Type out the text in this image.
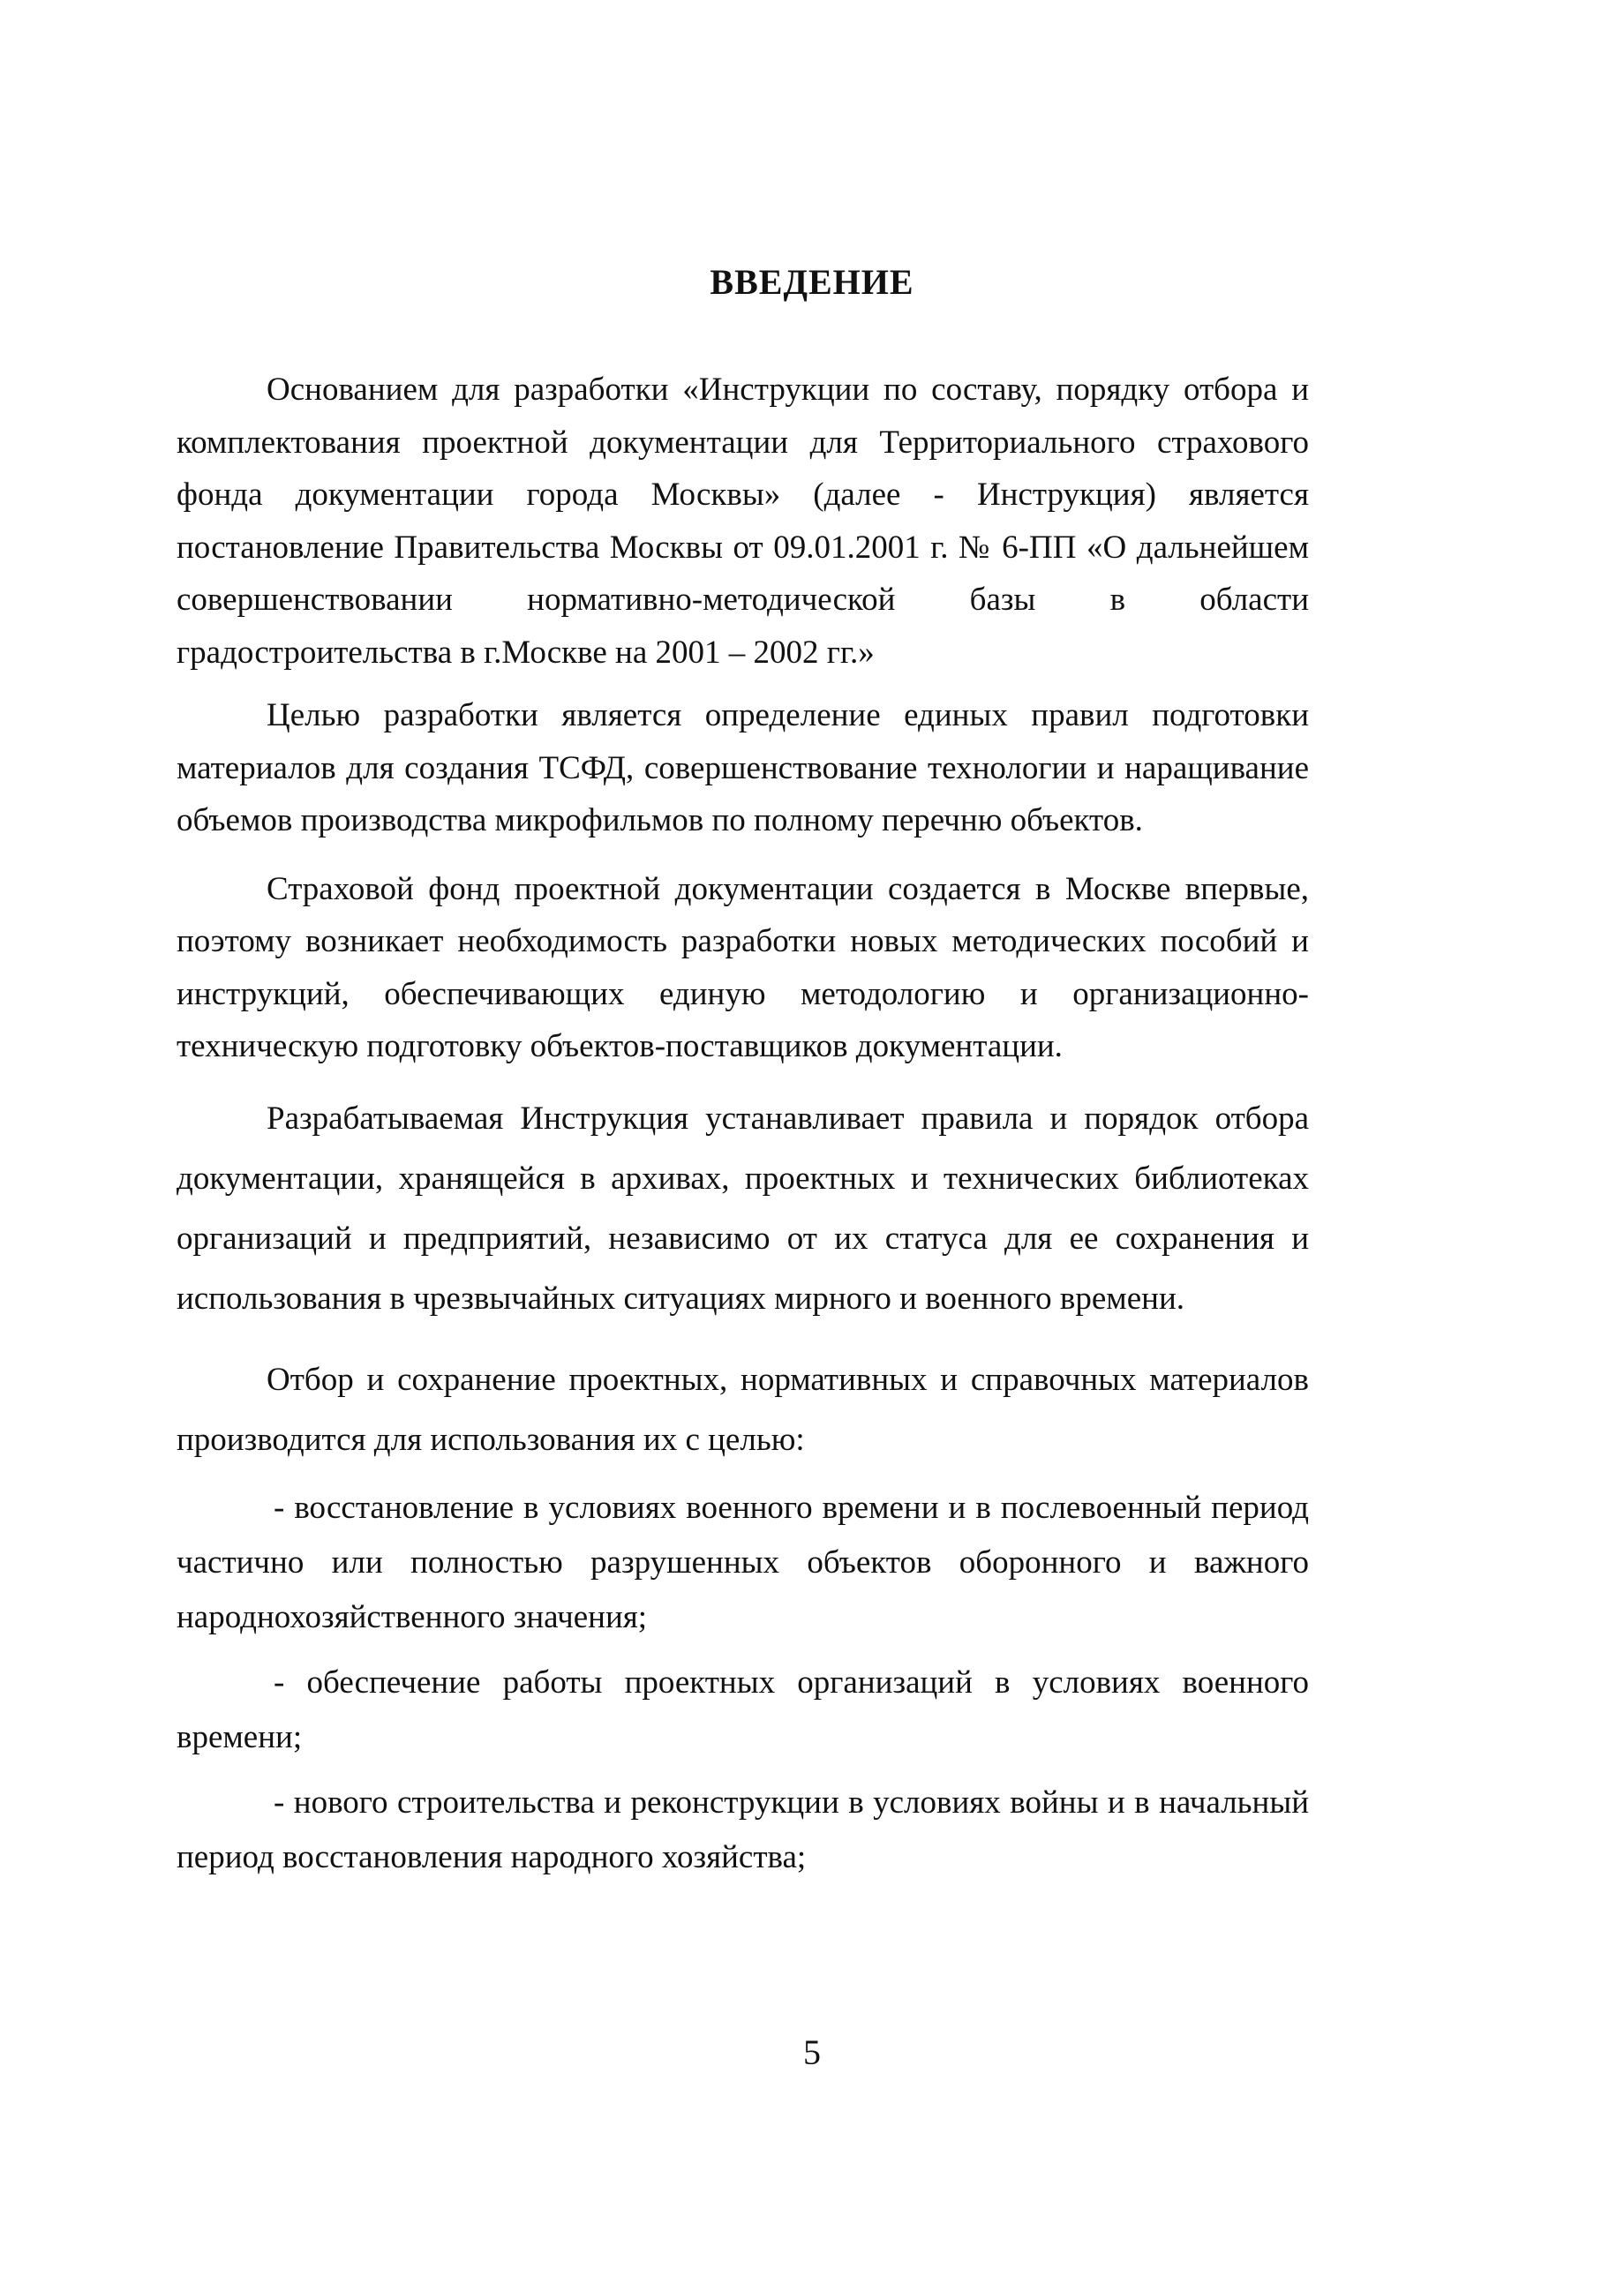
ВВЕДЕНИЕ

Основанием для разработки «Инструкции по составу, порядку отбора и комплектования проектной документации для Территориального страхового фонда документации города Москвы» (далее - Инструкция) является постановление Правительства Москвы от 09.01.2001 г. № 6-ПП «О дальнейшем совершенствовании нормативно-методической базы в области градостроительства в г.Москве на 2001 – 2002 гг.»

Целью разработки является определение единых правил подготовки материалов для создания ТСФД, совершенствование технологии и наращивание объемов производства микрофильмов по полному перечню объектов.

Страховой фонд проектной документации создается в Москве впервые, поэтому возникает необходимость разработки новых методических пособий и инструкций, обеспечивающих единую методологию и организационно-техническую подготовку объектов-поставщиков документации.

Разрабатываемая Инструкция устанавливает правила и порядок отбора документации, хранящейся в архивах, проектных и технических библиотеках организаций и предприятий, независимо от их статуса для ее сохранения и использования в чрезвычайных ситуациях мирного и военного времени.

Отбор и сохранение проектных, нормативных и справочных материалов производится для использования их с целью:

- восстановление в условиях военного времени и в послевоенный период частично или полностью разрушенных объектов оборонного и важного народнохозяйственного значения;

- обеспечение работы проектных организаций в условиях военного времени;

- нового строительства и реконструкции в условиях войны и в начальный период восстановления народного хозяйства;

5
